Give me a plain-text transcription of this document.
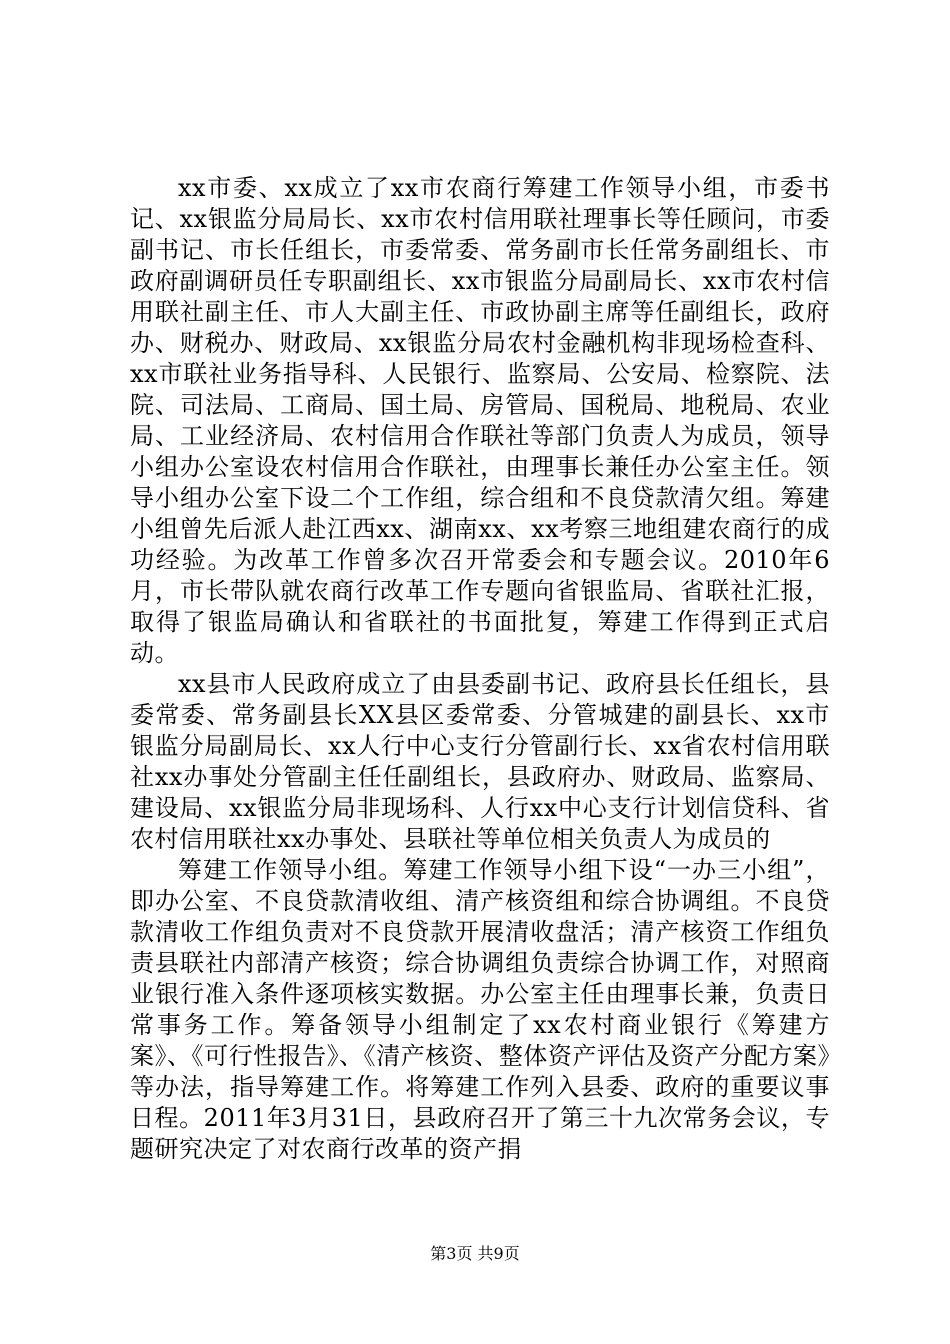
xx市委、xx成立了xx市农商行筹建工作领导小组，市委书记、xx银监分局局长、xx市农村信用联社理事长等任顾问，市委副书记、市长任组长，市委常委、常务副市长任常务副组长、市政府副调研员任专职副组长、xx市银监分局副局长、xx市农村信用联社副主任、市人大副主任、市政协副主席等任副组长，政府办、财税办、财政局、xx银监分局农村金融机构非现场检查科、xx市联社业务指导科、人民银行、监察局、公安局、检察院、法院、司法局、工商局、国土局、房管局、国税局、地税局、农业局、工业经济局、农村信用合作联社等部门负责人为成员，领导小组办公室设农村信用合作联社，由理事长兼任办公室主任。领导小组办公室下设二个工作组，综合组和不良贷款清欠组。筹建小组曾先后派人赴江西xx、湖南xx、xx考察三地组建农商行的成功经验。为改革工作曾多次召开常委会和专题会议。2010年6月，市长带队就农商行改革工作专题向省银监局、省联社汇报，取得了银监局确认和省联社的书面批复，筹建工作得到正式启动。

xx县市人民政府成立了由县委副书记、政府县长任组长，县委常委、常务副县长XX县区委常委、分管城建的副县长、xx市银监分局副局长、xx人行中心支行分管副行长、xx省农村信用联社xx办事处分管副主任任副组长，县政府办、财政局、监察局、建设局、xx银监分局非现场科、人行xx中心支行计划信贷科、省农村信用联社xx办事处、县联社等单位相关负责人为成员的

筹建工作领导小组。筹建工作领导小组下设“一办三小组”，即办公室、不良贷款清收组、清产核资组和综合协调组。不良贷款清收工作组负责对不良贷款开展清收盘活；清产核资工作组负责县联社内部清产核资；综合协调组负责综合协调工作，对照商业银行准入条件逐项核实数据。办公室主任由理事长兼，负责日常事务工作。筹备领导小组制定了xx农村商业银行《筹建方案》、《可行性报告》、《清产核资、整体资产评估及资产分配方案》等办法，指导筹建工作。将筹建工作列入县委、政府的重要议事日程。2011年3月31日，县政府召开了第三十九次常务会议，专题研究决定了对农商行改革的资产捐

第3页 共9页
